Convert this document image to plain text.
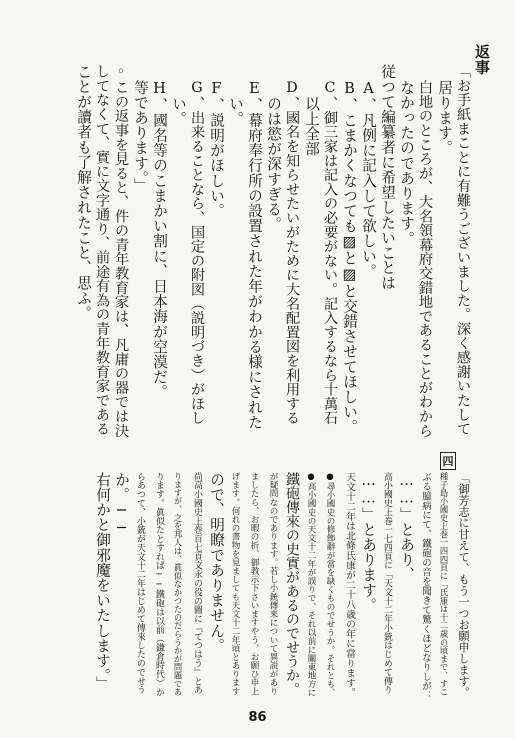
返事
「お手紙まことに有難うございました。深く感謝いたして
居ります。
白地のところが、大名領幕府交錯地であることがわから
なかったのであります。
従つて編纂者に希望したいことは
A、凡例に記入して欲しい。
B、こまかくなつても▨と▨と交錯させてほしい。
C、御三家は記入の必要がない。記入するなら十萬石
以上全部
D、國名を知らせたいがために大名配置図を利用する
のは慾が深すぎる。
E、幕府奉行所の設置された年がわかる様にされた
い。
F、説明がほしい。
G、出来ることなら、国定の附図（説明づき）がほし
い。
H、國名等のこまかい割に、日本海が空漠だ。
等であります。」
◦この返事を見ると、件の青年教育家は、凡庸の器では決
してなくて、實に文字通り、前途有為の青年教育家である
ことが讀者も了解されたこと、思ふ。
四
「御芳志に甘えて、もう一つお願申します。
種子島小國史上巻一四四頁に「氏康は十二歳の頃まで、すこ
ぶる臆病にて、鐵砲の音を聞きて驚くほどなりしが：
……」とあり、
高小國史上巻一七四頁に「天文十二年小銃はじめて傳り
……」とあります。
天文十二年は北條氏康が二十八歳の年に當ります。
●尋小國史の修飾辭が當を缺くものでせうか。それとも、
●高小國史の天文十二年が誤りで、それ以前に關東地方に
鐵砲傳來の史實があるのでせうか。
が疑問なのであります。若し小銃傳來について異説があり
ましたら、お暇の折、御教示下さいますやう、お願ひ申上
げます。何れの書物を見ましても天文十二年頃とあります
ので、明瞭でありません。
尚高小國史上巻百七頁文永の役の圖に『てつはう』とあ
りますが、之を邦人は、眞似なかつたのだらうかが問題であ
ります。眞似たとすれば──鐵砲は以前（鎌倉時代）か
らあつて、小銃が天文十二年はじめて傳來したのでせう
か。──
右何かと御邪魔をいたします。」
86
